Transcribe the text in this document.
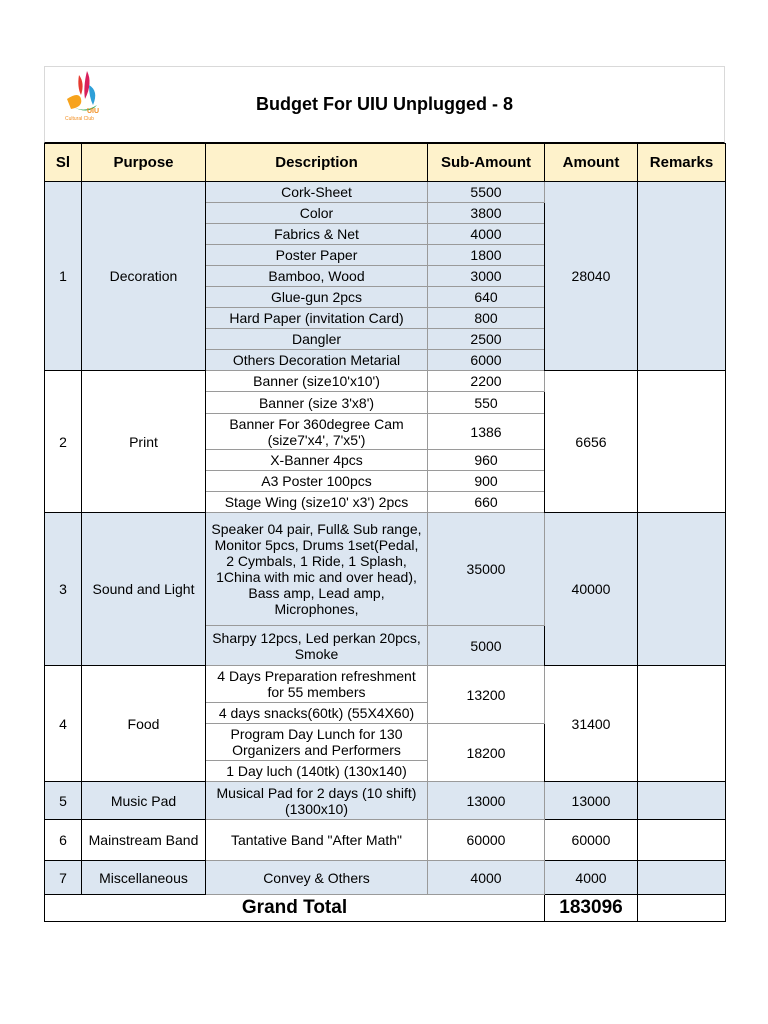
UIU
Cultural Club
Budget For UIU Unplugged - 8
Sl	Purpose	Description	Sub-Amount	Amount	Remarks
1	Decoration	Cork-Sheet	5500	28040	
		Color	3800		
		Fabrics & Net	4000		
		Poster Paper	1800		
		Bamboo, Wood	3000		
		Glue-gun 2pcs	640		
		Hard Paper (invitation Card)	800		
		Dangler	2500		
		Others Decoration Metarial	6000		
2	Print	Banner (size10'x10')	2200	6656	
		Banner (size 3'x8')	550		
		Banner For 360degree Cam (size7'x4', 7'x5')	1386		
		X-Banner 4pcs	960		
		A3 Poster 100pcs	900		
		Stage Wing (size10' x3') 2pcs	660		
3	Sound and Light	Speaker 04 pair, Full& Sub range, Monitor 5pcs, Drums 1set(Pedal, 2 Cymbals, 1 Ride, 1 Splash, 1China with mic and over head), Bass amp, Lead amp, Microphones,	35000	40000	
		Sharpy 12pcs, Led perkan 20pcs, Smoke	5000		
4	Food	4 Days Preparation refreshment for 55 members	13200	31400	
		4 days snacks(60tk) (55X4X60)			
		Program Day Lunch for 130 Organizers and Performers	18200		
		1 Day luch (140tk) (130x140)			
5	Music Pad	Musical Pad for 2 days (10 shift) (1300x10)	13000	13000	
6	Mainstream Band	Tantative Band "After Math"	60000	60000	
7	Miscellaneous	Convey & Others	4000	4000	
Grand Total				183096	
